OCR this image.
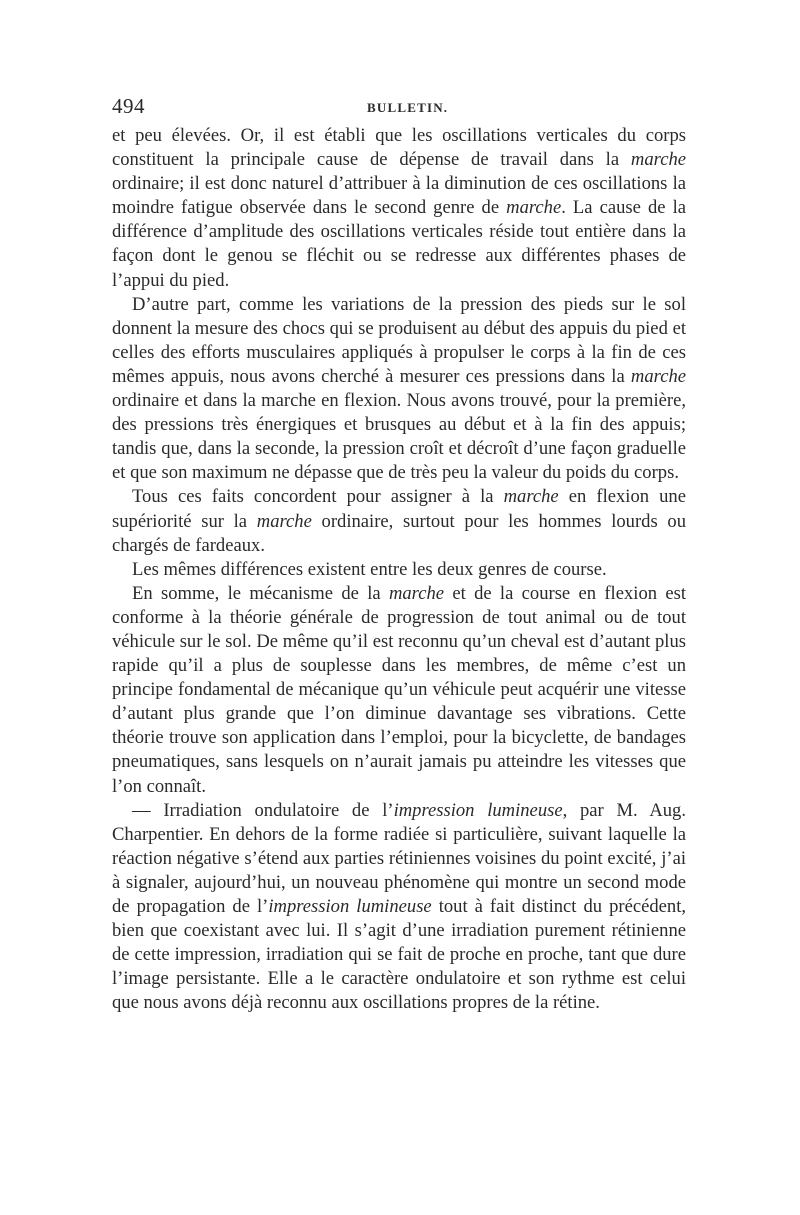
494	BULLETIN.

et peu élevées. Or, il est établi que les oscillations verticales du corps constituent la principale cause de dépense de travail dans la marche ordinaire; il est donc naturel d’attribuer à la diminution de ces oscillations la moindre fatigue observée dans le second genre de marche. La cause de la différence d’amplitude des oscillations verticales réside tout entière dans la façon dont le genou se fléchit ou se redresse aux différentes phases de l’appui du pied.

D’autre part, comme les variations de la pression des pieds sur le sol donnent la mesure des chocs qui se produisent au début des appuis du pied et celles des efforts musculaires appliqués à propulser le corps à la fin de ces mêmes appuis, nous avons cherché à mesurer ces pressions dans la marche ordinaire et dans la marche en flexion. Nous avons trouvé, pour la première, des pressions très énergiques et brusques au début et à la fin des appuis; tandis que, dans la seconde, la pression croît et décroît d’une façon graduelle et que son maximum ne dépasse que de très peu la valeur du poids du corps.

Tous ces faits concordent pour assigner à la marche en flexion une supériorité sur la marche ordinaire, surtout pour les hommes lourds ou chargés de fardeaux.

Les mêmes différences existent entre les deux genres de course.

En somme, le mécanisme de la marche et de la course en flexion est conforme à la théorie générale de progression de tout animal ou de tout véhicule sur le sol. De même qu’il est reconnu qu’un cheval est d’autant plus rapide qu’il a plus de souplesse dans les membres, de même c’est un principe fondamental de mécanique qu’un véhicule peut acquérir une vitesse d’autant plus grande que l’on diminue davantage ses vibrations. Cette théorie trouve son application dans l’emploi, pour la bicyclette, de bandages pneumatiques, sans lesquels on n’aurait jamais pu atteindre les vitesses que l’on connaît.

— Irradiation ondulatoire de l’impression lumineuse, par M. Aug. Charpentier. En dehors de la forme radiée si particulière, suivant laquelle la réaction négative s’étend aux parties rétiniennes voisines du point excité, j’ai à signaler, aujourd’hui, un nouveau phénomène qui montre un second mode de propagation de l’impression lumineuse tout à fait distinct du précédent, bien que coexistant avec lui. Il s’agit d’une irradiation purement rétinienne de cette impression, irradiation qui se fait de proche en proche, tant que dure l’image persistante. Elle a le caractère ondulatoire et son rythme est celui que nous avons déjà reconnu aux oscillations propres de la rétine.
